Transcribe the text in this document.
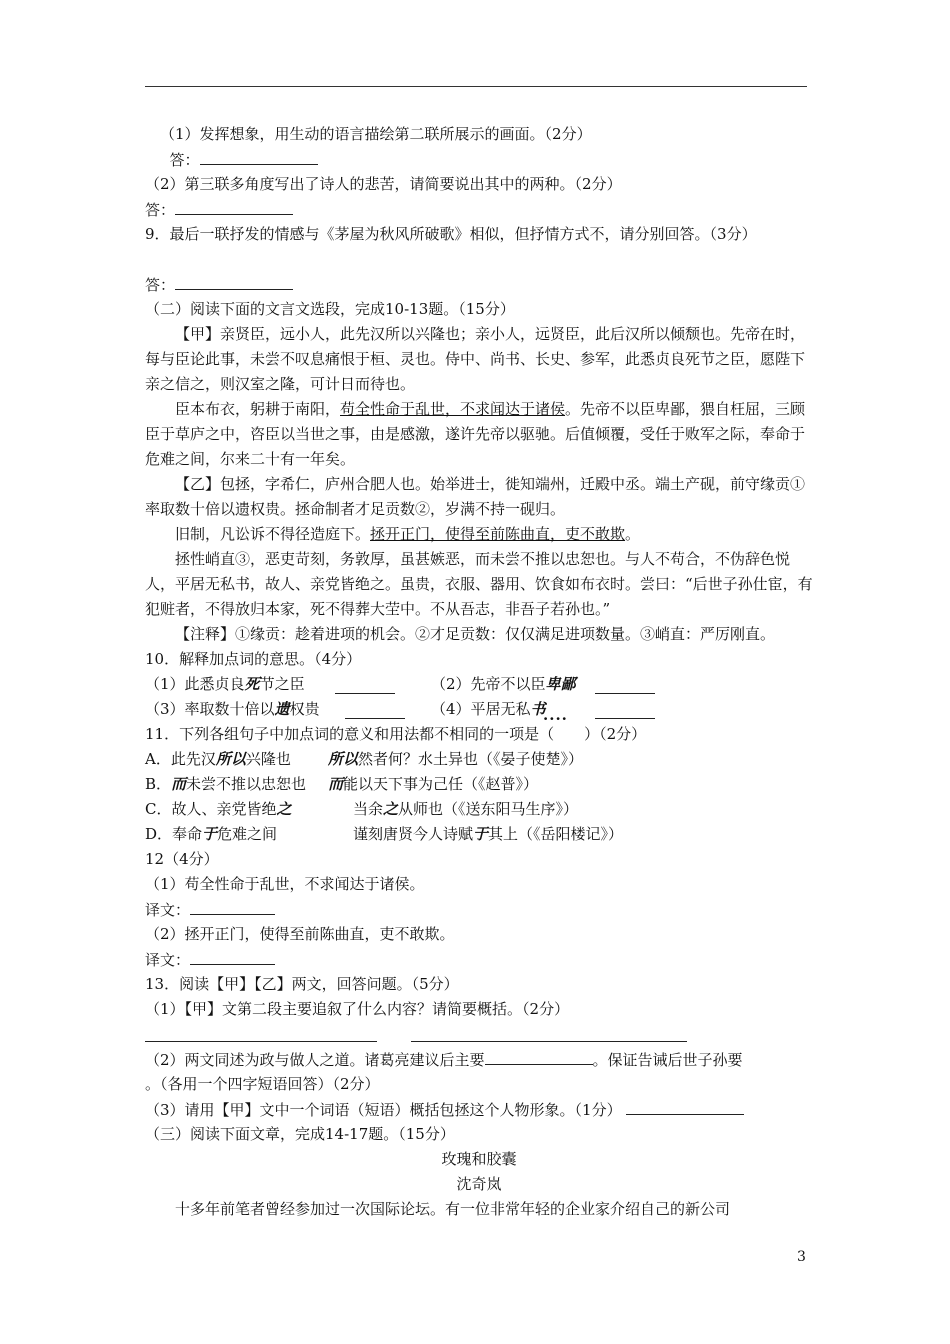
（1）发挥想象，用生动的语言描绘第二联所展示的画面。（2分）
答：
（2）第三联多角度写出了诗人的悲苦，请简要说出其中的两种。（2分）
答：
9．最后一联抒发的情感与《茅屋为秋风所破歌》相似，但抒情方式不，请分别回答。（3分）
答：
（二）阅读下面的文言文选段，完成10-13题。（15分）
【甲】亲贤臣，远小人，此先汉所以兴隆也；亲小人，远贤臣，此后汉所以倾颓也。先帝在时，每与臣论此事，未尝不叹息痛恨于桓、灵也。侍中、尚书、长史、参军，此悉贞良死节之臣，愿陛下亲之信之，则汉室之隆，可计日而待也。
臣本布衣，躬耕于南阳，苟全性命于乱世，不求闻达于诸侯。先帝不以臣卑鄙，猥自枉屈，三顾臣于草庐之中，咨臣以当世之事，由是感激，遂许先帝以驱驰。后值倾覆，受任于败军之际，奉命于危难之间，尔来二十有一年矣。
【乙】包拯，字希仁，庐州合肥人也。始举进士，徙知端州，迁殿中丞。端土产砚，前守缘贡①率取数十倍以遗权贵。拯命制者才足贡数②，岁满不持一砚归。
旧制，凡讼诉不得径造庭下。拯开正门，使得至前陈曲直，吏不敢欺。
拯性峭直③，恶吏苛刻，务敦厚，虽甚嫉恶，而未尝不推以忠恕也。与人不苟合，不伪辞色悦人，平居无私书，故人、亲党皆绝之。虽贵，衣服、器用、饮食如布衣时。尝曰：“后世子孙仕宦，有犯赃者，不得放归本家，死不得葬大茔中。不从吾志，非吾子若孙也。”
【注释】①缘贡：趁着进项的机会。②才足贡数：仅仅满足进项数量。③峭直：严厉刚直。
10．解释加点词的意思。（4分）
（1）此悉贞良死节之臣	（2）先帝不以臣卑鄙
（3）率取数十倍以遗权贵	（4）平居无私书
....
11．下列各组句子中加点词的意义和用法都不相同的一项是（　　）（2分）
A．此先汉所以兴隆也 所以然者何？水土异也（《晏子使楚》）
B．而未尝不推以忠恕也 而能以天下事为己任（《赵普》）
C．故人、亲党皆绝之	当余之从师也（《送东阳马生序》）
D．奉命于危难之间	谨刻唐贤今人诗赋于其上（《岳阳楼记》）
12（4分）
（1）苟全性命于乱世，不求闻达于诸侯。
译文：
（2）拯开正门，使得至前陈曲直，吏不敢欺。
译文：
13．阅读【甲】【乙】两文，回答问题。（5分）
（1）【甲】文第二段主要追叙了什么内容？请简要概括。（2分）
（2）两文同述为政与做人之道。诸葛亮建议后主要	。保证告诫后世子孙要
。（各用一个四字短语回答）（2分）
（3）请用【甲】文中一个词语（短语）概括包拯这个人物形象。（1分）
（三）阅读下面文章，完成14-17题。（15分）
玫瑰和胶囊
沈奇岚
十多年前笔者曾经参加过一次国际论坛。有一位非常年轻的企业家介绍自己的新公司
3
